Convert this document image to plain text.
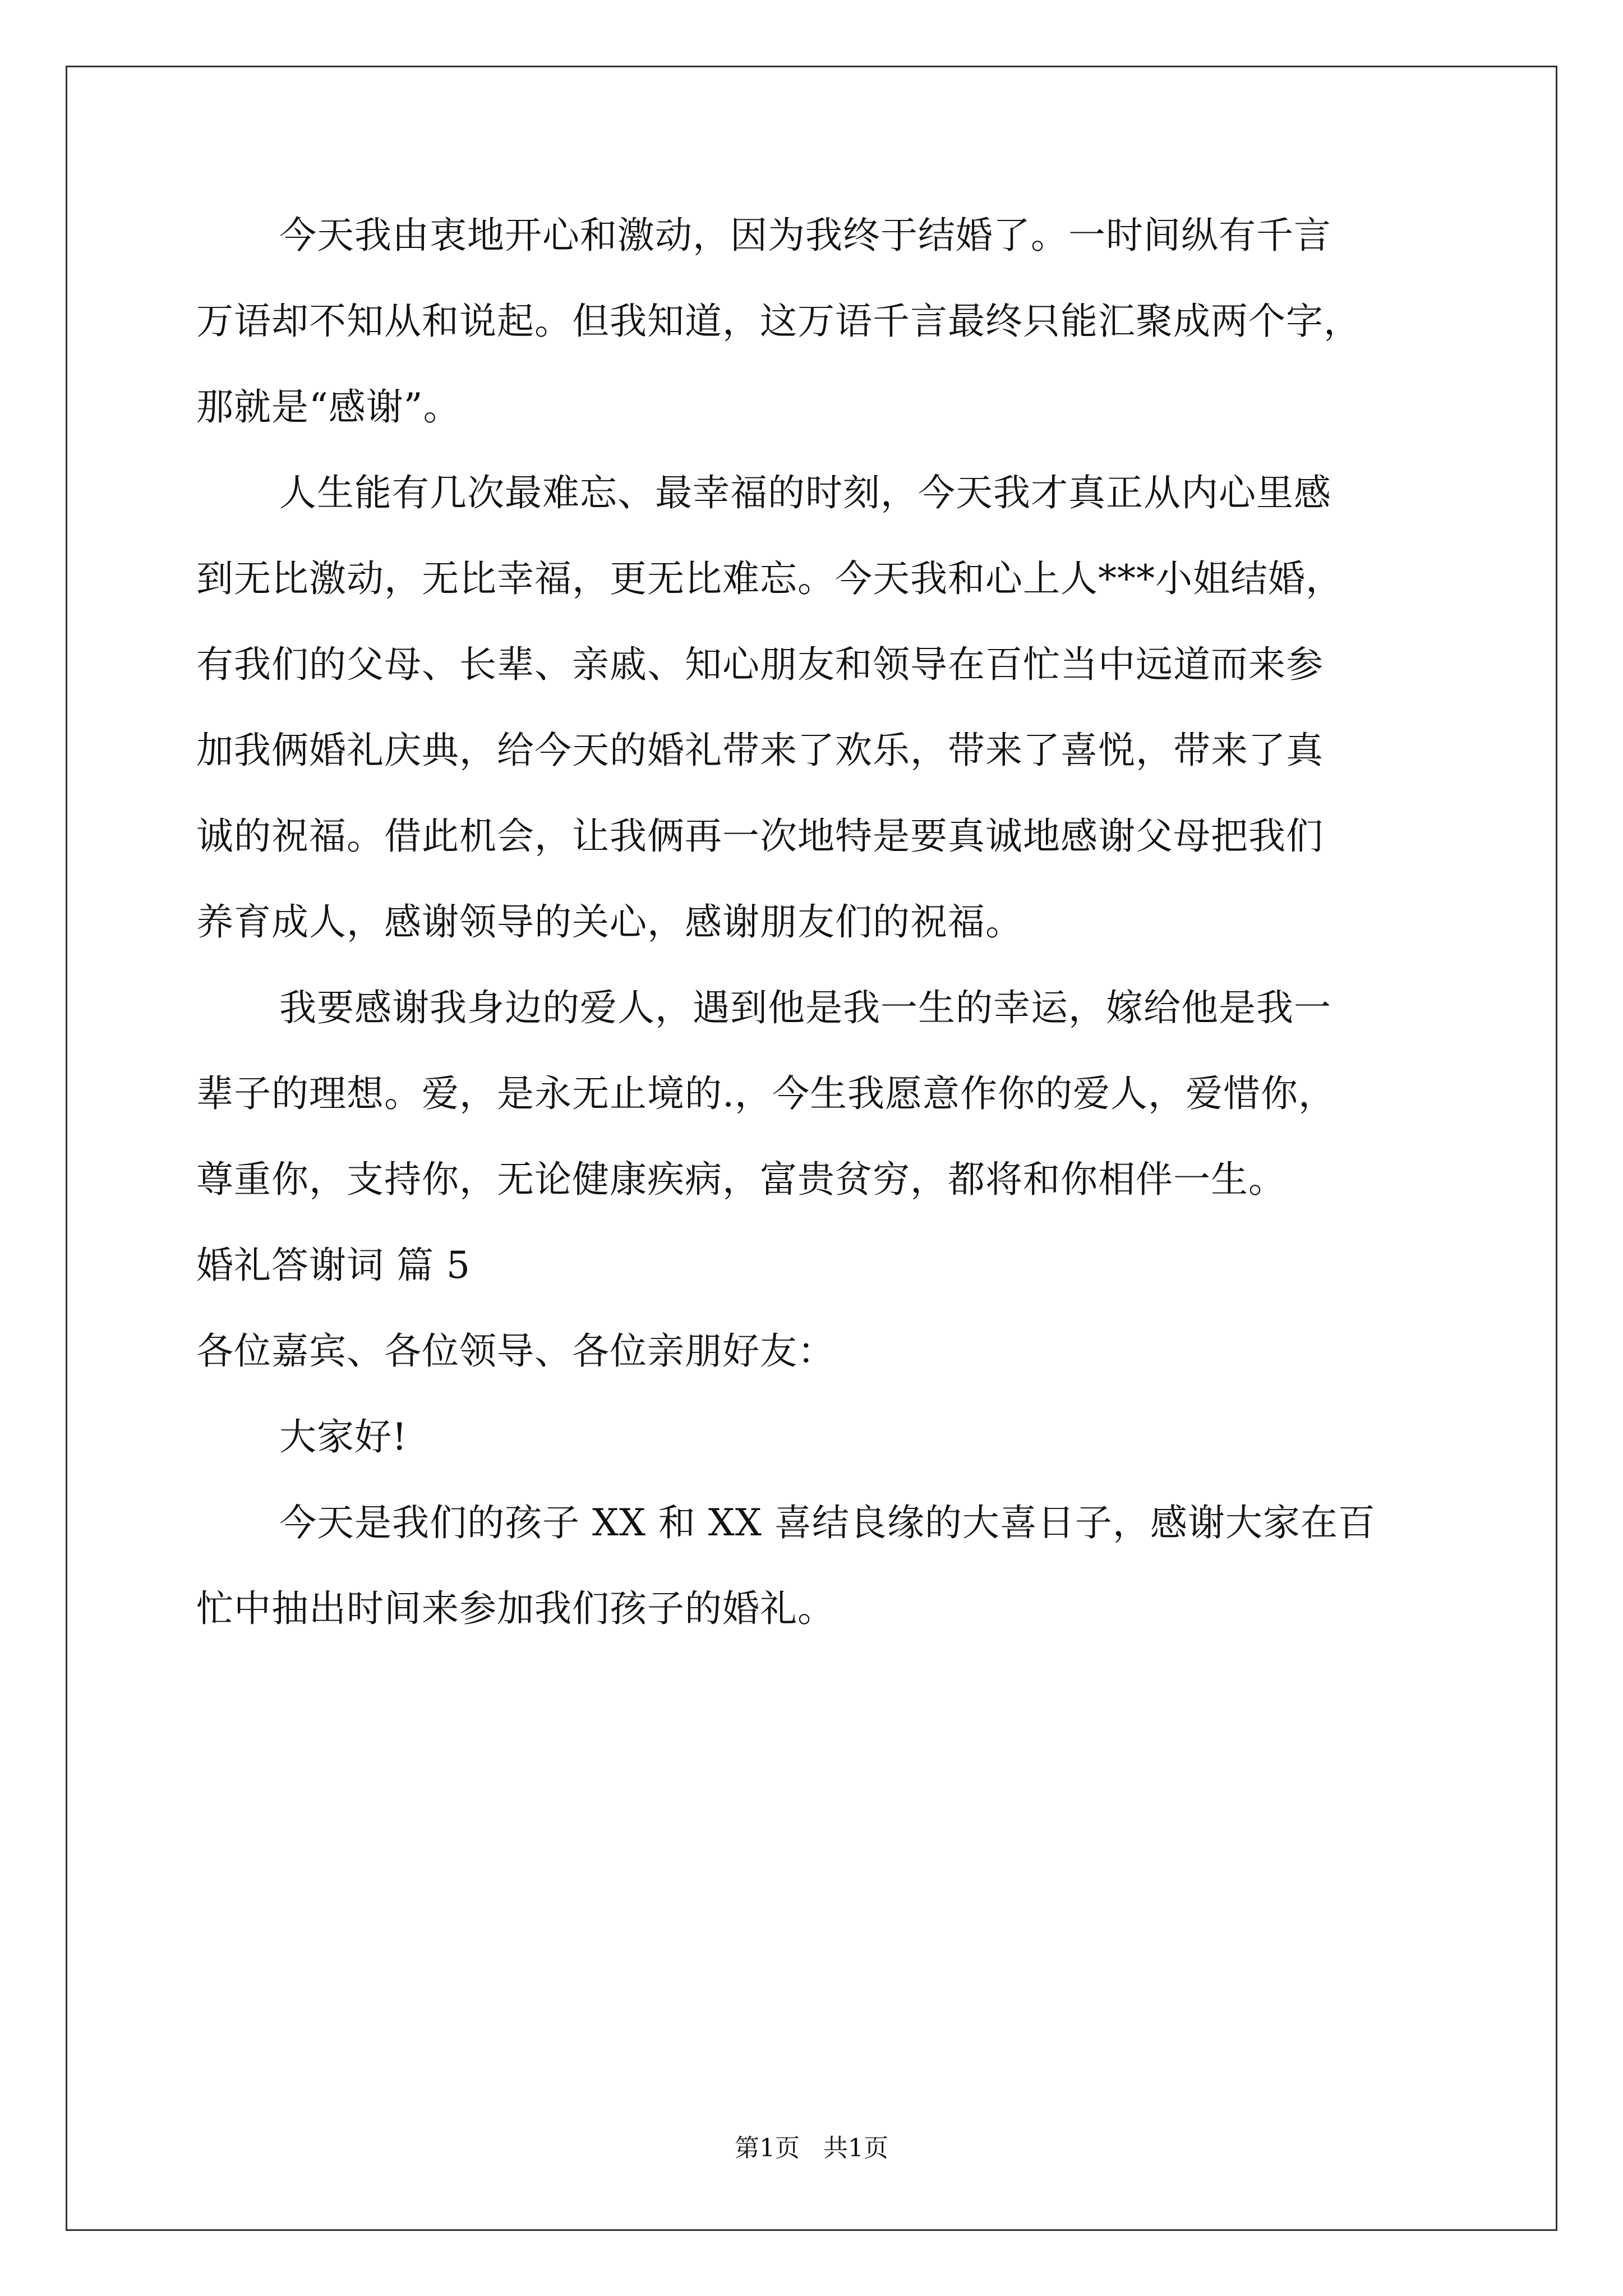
今天我由衷地开心和激动，因为我终于结婚了。一时间纵有千言
万语却不知从和说起。但我知道，这万语千言最终只能汇聚成两个字，
那就是“感谢”。
人生能有几次最难忘、最幸福的时刻，今天我才真正从内心里感
到无比激动，无比幸福，更无比难忘。今天我和心上人***小姐结婚，
有我们的父母、长辈、亲戚、知心朋友和领导在百忙当中远道而来参
加我俩婚礼庆典，给今天的婚礼带来了欢乐，带来了喜悦，带来了真
诚的祝福。借此机会，让我俩再一次地特是要真诚地感谢父母把我们
养育成人，感谢领导的关心，感谢朋友们的祝福。
我要感谢我身边的爱人，遇到他是我一生的幸运，嫁给他是我一
辈子的理想。爱，是永无止境的.，今生我愿意作你的爱人，爱惜你，
尊重你，支持你，无论健康疾病，富贵贫穷，都将和你相伴一生。
婚礼答谢词 篇 5
各位嘉宾、各位领导、各位亲朋好友：
大家好!
今天是我们的孩子 XX 和 XX 喜结良缘的大喜日子，感谢大家在百
忙中抽出时间来参加我们孩子的婚礼。
第1页   共1页
